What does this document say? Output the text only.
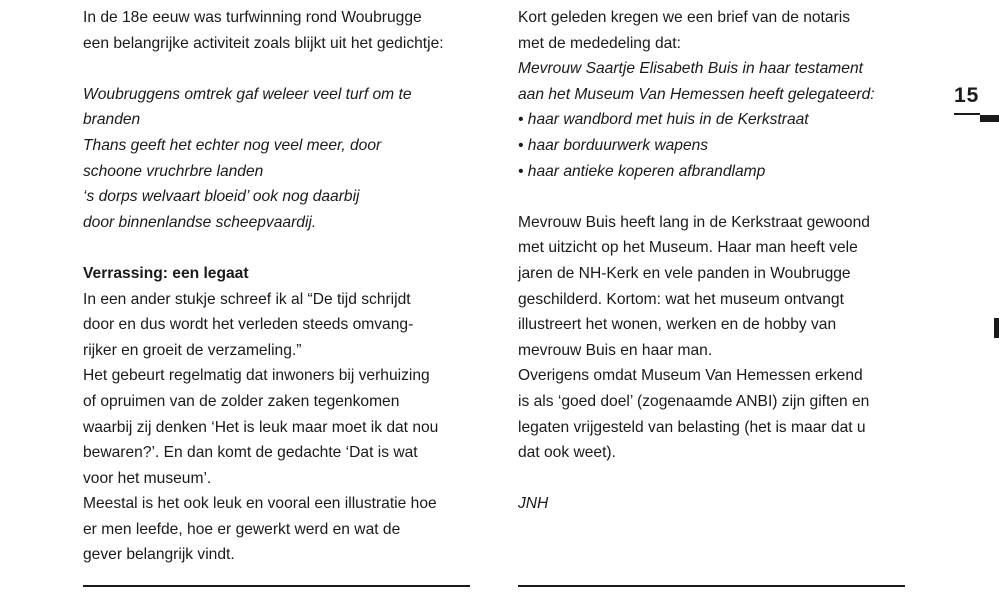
In de 18e eeuw was turfwinning rond Woubrugge

een belangrijke activiteit zoals blijkt uit het gedichtje:

Woubruggens omtrek gaf weleer veel turf om te

branden

Thans geeft het echter nog veel meer, door

schoone vruchrbre landen

‘s dorps welvaart bloeid’ ook nog daarbij

door binnenlandse scheepvaardij.

Verrassing: een legaat

In een ander stukje schreef ik al “De tijd schrijdt

door en dus wordt het verleden steeds omvang-

rijker en groeit de verzameling.”

Het gebeurt regelmatig dat inwoners bij verhuizing

of opruimen van de zolder zaken tegenkomen

waarbij zij denken ‘Het is leuk maar moet ik dat nou

bewaren?’. En dan komt de gedachte ‘Dat is wat

voor het museum’.

Meestal is het ook leuk en vooral een illustratie hoe

er men leefde, hoe er gewerkt werd en wat de

gever belangrijk vindt.

Kort geleden kregen we een brief van de notaris

met de mededeling dat:

Mevrouw Saartje Elisabeth Buis in haar testament

aan het Museum Van Hemessen heeft gelegateerd:

• haar wandbord met huis in de Kerkstraat

• haar borduurwerk wapens

• haar antieke koperen afbrandlamp

Mevrouw Buis heeft lang in de Kerkstraat gewoond

met uitzicht op het Museum. Haar man heeft vele

jaren de NH-Kerk en vele panden in Woubrugge

geschilderd. Kortom: wat het museum ontvangt

illustreert het wonen, werken en de hobby van

mevrouw Buis en haar man.

Overigens omdat Museum Van Hemessen erkend

is als ‘goed doel’ (zogenaamde ANBI) zijn giften en

legaten vrijgesteld van belasting (het is maar dat u

dat ook weet).

JNH

15
